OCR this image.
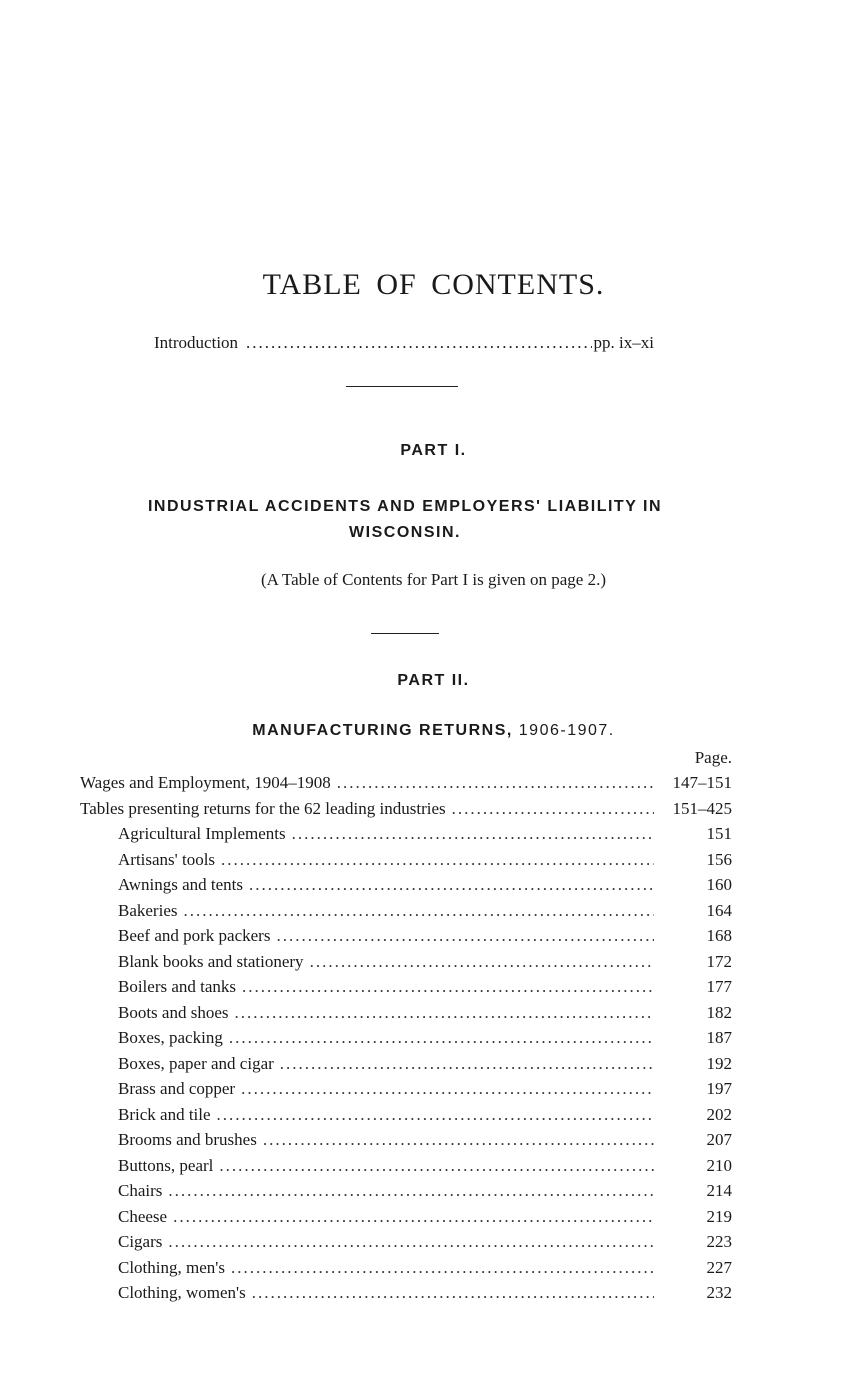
TABLE OF CONTENTS.
Introduction .....	pp. ix–xi
PART I.
INDUSTRIAL ACCIDENTS AND EMPLOYERS' LIABILITY IN
WISCONSIN.
(A Table of Contents for Part I is given on page 2.)
PART II.
MANUFACTURING RETURNS, 1906-1907.
Page.
Wages and Employment, 1904–1908 .....	147–151
Tables presenting returns for the 62 leading industries .....	151–425
Agricultural Implements .....	151
Artisans' tools .....	156
Awnings and tents .....	160
Bakeries .....	164
Beef and pork packers .....	168
Blank books and stationery .....	172
Boilers and tanks .....	177
Boots and shoes .....	182
Boxes, packing .....	187
Boxes, paper and cigar .....	192
Brass and copper .....	197
Brick and tile .....	202
Brooms and brushes .....	207
Buttons, pearl .....	210
Chairs .....	214
Cheese .....	219
Cigars .....	223
Clothing, men's .....	227
Clothing, women's .....	232
